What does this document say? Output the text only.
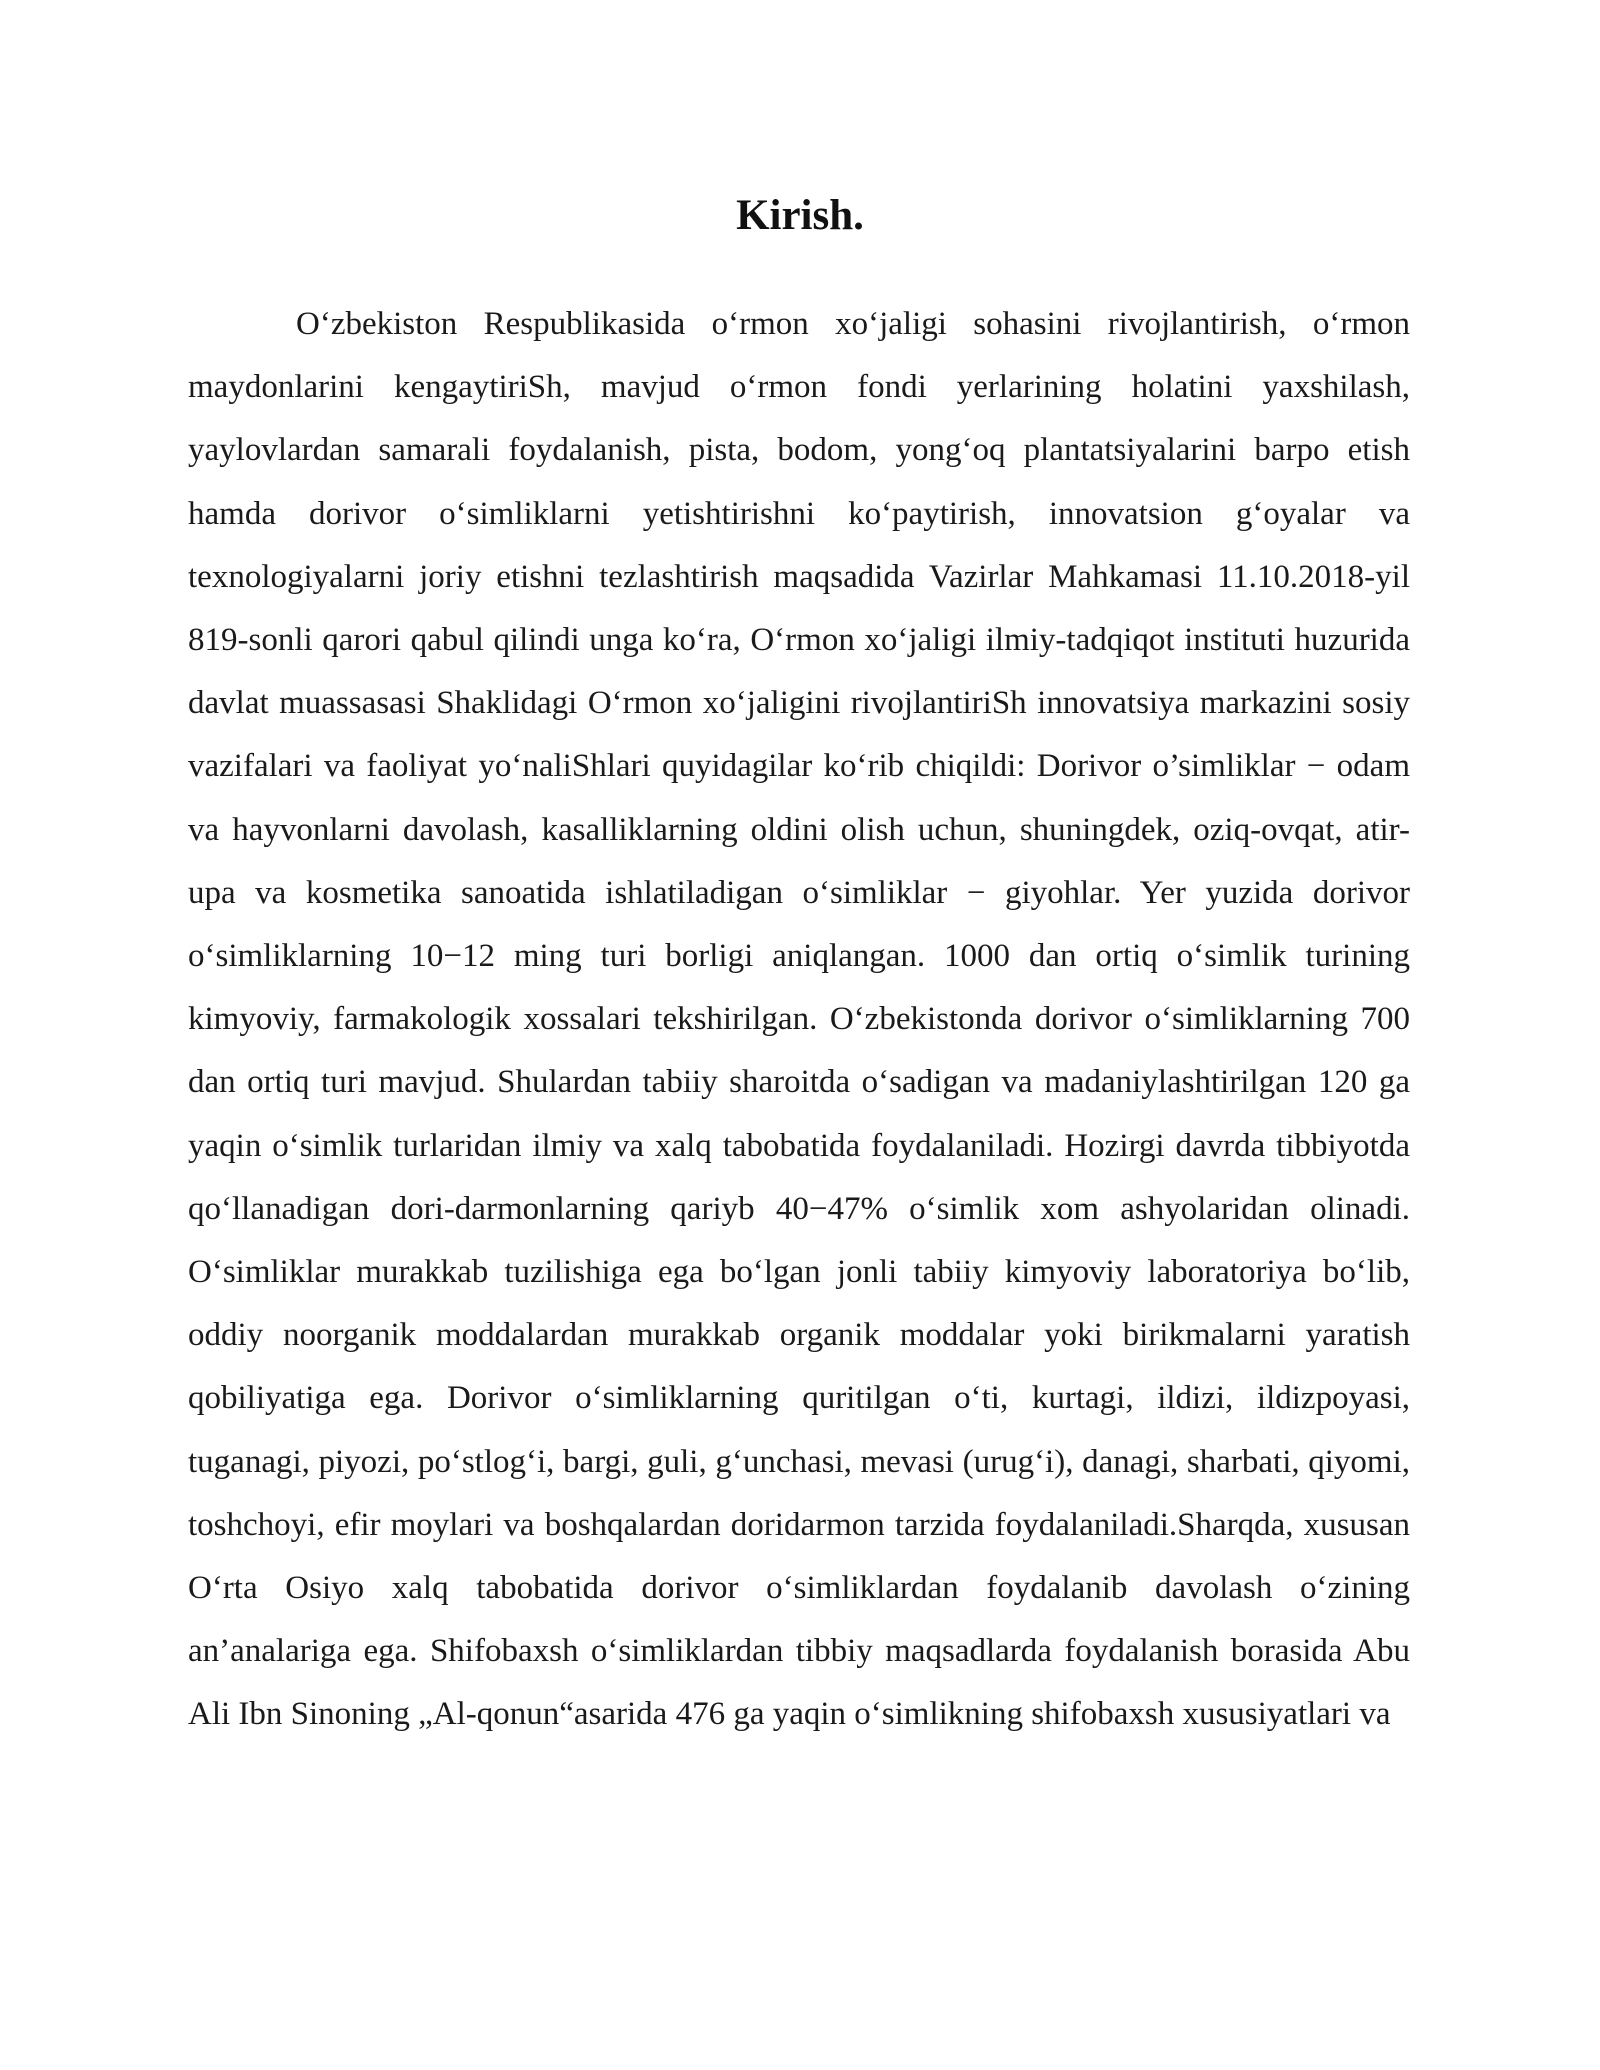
Kirish.

O‘zbekiston Respublikasida o‘rmon xo‘jaligi sohasini rivojlantirish, o‘rmon maydonlarini kengaytiriSh, mavjud o‘rmon fondi yerlarining holatini yaxshilash, yaylovlardan samarali foydalanish, pista, bodom, yong‘oq plantatsiyalarini barpo etish hamda dorivor o‘simliklarni yetishtirishni ko‘paytirish, innovatsion g‘oyalar va texnologiyalarni joriy etishni tezlashtirish maqsadida Vazirlar Mahkamasi 11.10.2018-yil 819-sonli qarori qabul qilindi unga ko‘ra, O‘rmon xo‘jaligi ilmiy-tadqiqot instituti huzurida davlat muassasasi Shaklidagi O‘rmon xo‘jaligini rivojlantiriSh innovatsiya markazini sosiy vazifalari va faoliyat yo‘naliShlari quyidagilar ko‘rib chiqildi: Dorivor o’simliklar − odam va hayvonlarni davolash, kasalliklarning oldini olish uchun, shuningdek, oziq-ovqat, atir-upa va kosmetika sanoatida ishlatiladigan o‘simliklar − giyohlar. Yer yuzida dorivor o‘simliklarning 10−12 ming turi borligi aniqlangan. 1000 dan ortiq o‘simlik turining kimyoviy, farmakologik xossalari tekshirilgan. O‘zbekistonda dorivor o‘simliklarning 700 dan ortiq turi mavjud. Shulardan tabiiy sharoitda o‘sadigan va madaniylashtirilgan 120 ga yaqin o‘simlik turlaridan ilmiy va xalq tabobatida foydalaniladi. Hozirgi davrda tibbiyotda qo‘llanadigan dori-darmonlarning qariyb 40−47% o‘simlik xom ashyolaridan olinadi. O‘simliklar murakkab tuzilishiga ega bo‘lgan jonli tabiiy kimyoviy laboratoriya bo‘lib, oddiy noorganik moddalardan murakkab organik moddalar yoki birikmalarni yaratish qobiliyatiga ega. Dorivor o‘simliklarning quritilgan o‘ti, kurtagi, ildizi, ildizpoyasi, tuganagi, piyozi, po‘stlog‘i, bargi, guli, g‘unchasi, mevasi (urug‘i), danagi, sharbati, qiyomi, toshchoyi, efir moylari va boshqalardan doridarmon tarzida foydalaniladi.Sharqda, xususan O‘rta Osiyo xalq tabobatida dorivor o‘simliklardan foydalanib davolash o‘zining an’analariga ega. Shifobaxsh o‘simliklardan tibbiy maqsadlarda foydalanish borasida Abu Ali Ibn Sinoning „Al-qonun“asarida 476 ga yaqin o‘simlikning shifobaxsh xususiyatlari va
